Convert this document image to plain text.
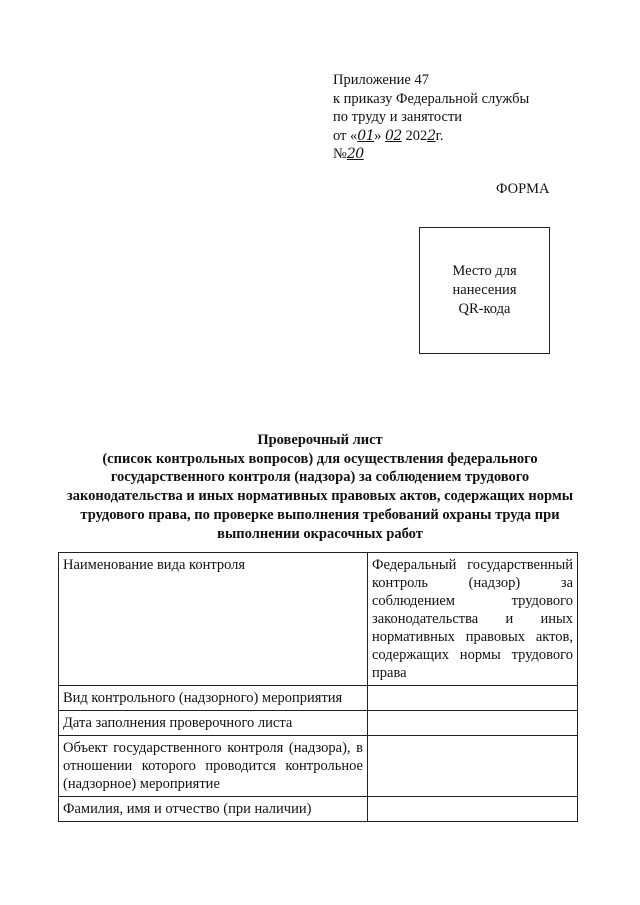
Приложение 47
к приказу Федеральной службы
по труду и занятости
от «01» 02 2022г.
№20
ФОРМА
Место для
нанесения
QR-кода
Проверочный лист
(список контрольных вопросов) для осуществления федерального
государственного контроля (надзора) за соблюдением трудового
законодательства и иных нормативных правовых актов, содержащих нормы
трудового права, по проверке выполнения требований охраны труда при
выполнении окрасочных работ
Наименование вида контроля	Федеральный государственный контроль (надзор) за соблюдением трудового законодательства и иных нормативных правовых актов, содержащих нормы трудового права
Вид контрольного (надзорного) мероприятия	
Дата заполнения проверочного листа	
Объект государственного контроля (надзора), в отношении которого проводится контрольное (надзорное) мероприятие	
Фамилия, имя и отчество (при наличии)	
